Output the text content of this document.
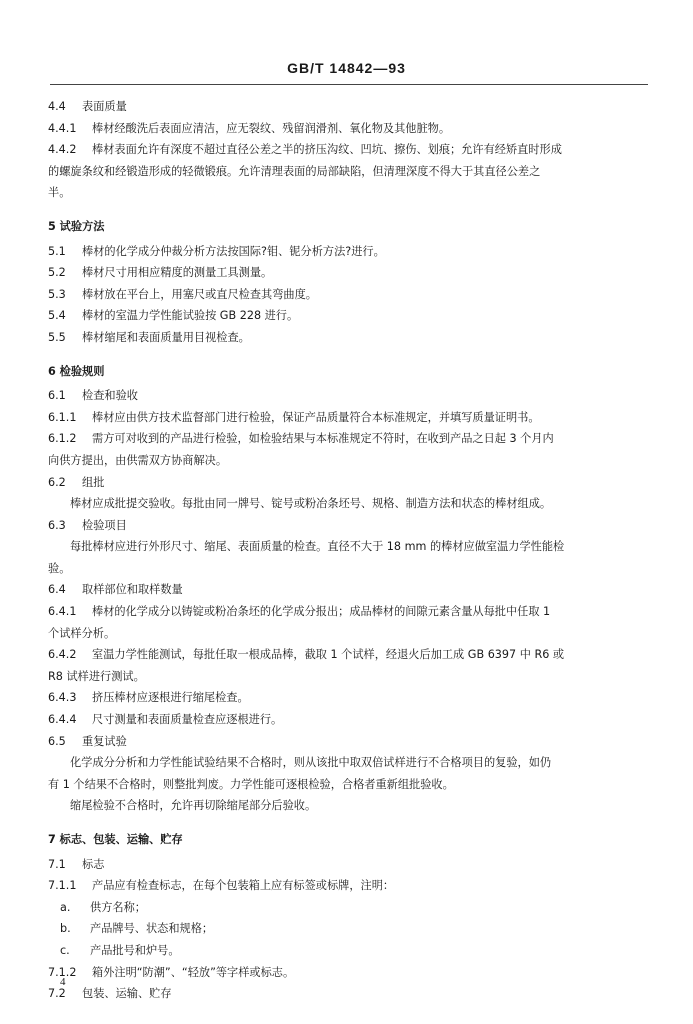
GB/T 14842—93

4.4 表面质量

4.4.1 棒材经酸洗后表面应清洁，应无裂纹、残留润滑剂、氧化物及其他脏物。

4.4.2 棒材表面允许有深度不超过直径公差之半的挤压沟纹、凹坑、擦伤、划痕；允许有经矫直时形成

的螺旋条纹和经锻造形成的轻微锻痕。允许清理表面的局部缺陷，但清理深度不得大于其直径公差之

半。

5 试验方法

5.1 棒材的化学成分仲裁分析方法按国际?钼、铌分析方法?进行。

5.2 棒材尺寸用相应精度的测量工具测量。

5.3 棒材放在平台上，用塞尺或直尺检查其弯曲度。

5.4 棒材的室温力学性能试验按 GB 228 进行。

5.5 棒材缩尾和表面质量用目视检查。

6 检验规则

6.1 检查和验收

6.1.1 棒材应由供方技术监督部门进行检验，保证产品质量符合本标准规定，并填写质量证明书。

6.1.2 需方可对收到的产品进行检验，如检验结果与本标准规定不符时，在收到产品之日起 3 个月内

向供方提出，由供需双方协商解决。

6.2 组批

棒材应成批提交验收。每批由同一牌号、锭号或粉冶条坯号、规格、制造方法和状态的棒材组成。

6.3 检验项目

每批棒材应进行外形尺寸、缩尾、表面质量的检查。直径不大于 18 mm 的棒材应做室温力学性能检

验。

6.4 取样部位和取样数量

6.4.1 棒材的化学成分以铸锭或粉冶条坯的化学成分报出；成品棒材的间隙元素含量从每批中任取 1

个试样分析。

6.4.2 室温力学性能测试，每批任取一根成品棒，截取 1 个试样，经退火后加工成 GB 6397 中 R6 或

R8 试样进行测试。

6.4.3 挤压棒材应逐根进行缩尾检查。

6.4.4 尺寸测量和表面质量检查应逐根进行。

6.5 重复试验

化学成分分析和力学性能试验结果不合格时，则从该批中取双倍试样进行不合格项目的复验，如仍

有 1 个结果不合格时，则整批判废。力学性能可逐根检验，合格者重新组批验收。

缩尾检验不合格时，允许再切除缩尾部分后验收。

7 标志、包装、运输、贮存

7.1 标志

7.1.1 产品应有检查标志，在每个包装箱上应有标签或标牌，注明：

a. 供方名称；

b. 产品牌号、状态和规格；

c. 产品批号和炉号。

7.1.2 箱外注明“防潮”、“轻放”等字样或标志。

7.2 包装、运输、贮存

4
